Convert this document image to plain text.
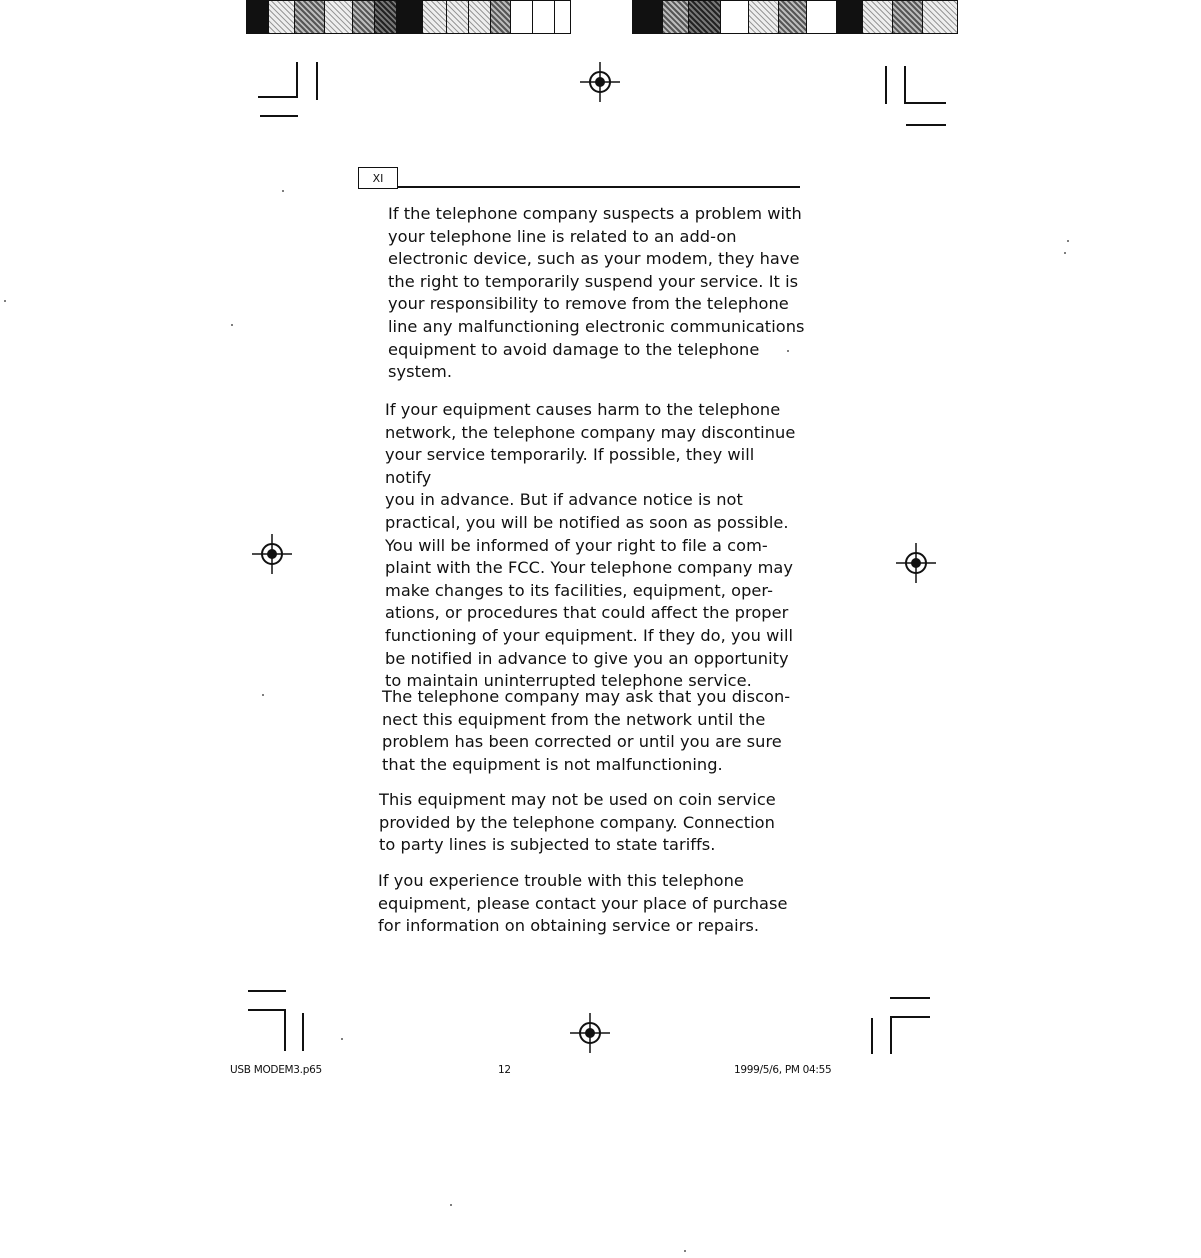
XI

If the telephone company suspects a problem with
your telephone line is related to an add-on
electronic device, such as your modem, they have
the right to temporarily suspend your service. It is
your responsibility to remove from the telephone
line any malfunctioning electronic communications
equipment to avoid damage to the telephone
system.

If your equipment causes harm to the telephone
network, the telephone company may discontinue
your service temporarily. If possible, they will notify
you in advance. But if advance notice is not
practical, you will be notified as soon as possible.
You will be informed of your right to file a com-
plaint with the FCC. Your telephone company may
make changes to its facilities, equipment, oper-
ations, or procedures that could affect the proper
functioning of your equipment. If they do, you will
be notified in advance to give you an opportunity
to maintain uninterrupted telephone service.

The telephone company may ask that you discon-
nect this equipment from the network until the
problem has been corrected or until you are sure
that the equipment is not malfunctioning.

This equipment may not be used on coin service
provided by the telephone company. Connection
to party lines is subjected to state tariffs.

If you experience trouble with this telephone
equipment, please contact your place of purchase
for information on obtaining service or repairs.

USB MODEM3.p65	12	1999/5/6, PM 04:55
